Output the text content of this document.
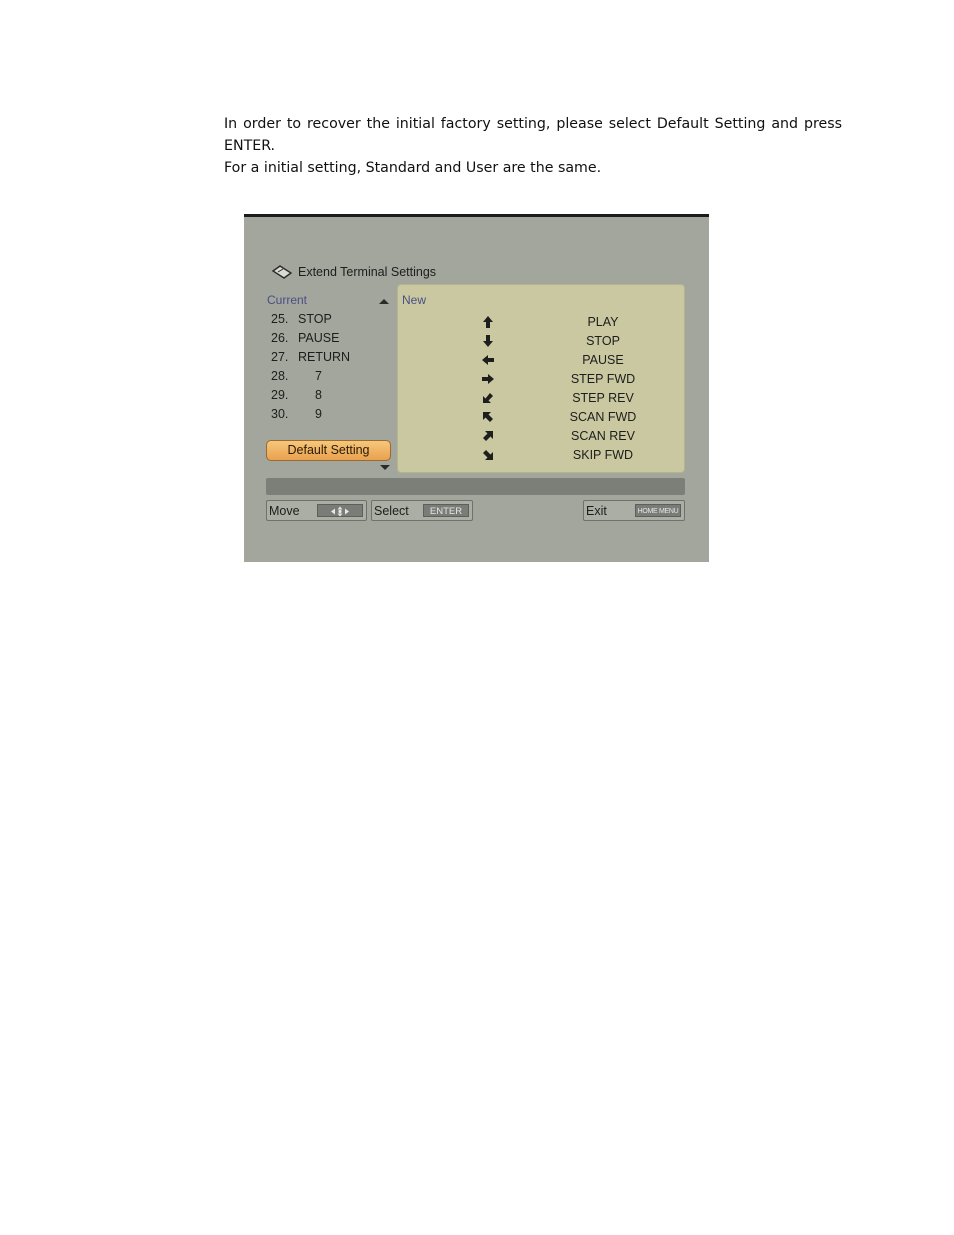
In order to recover the initial factory setting, please select Default Setting and press ENTER.

For a initial setting, Standard and User are the same.

Extend Terminal Settings
Current
25. STOP
26. PAUSE
27. RETURN
28.	7
29.	8
30.	9
Default Setting
New
PLAY
STOP
PAUSE
STEP FWD
STEP REV
SCAN FWD
SCAN REV
SKIP FWD
Move	Select	ENTER	Exit	HOME MENU
